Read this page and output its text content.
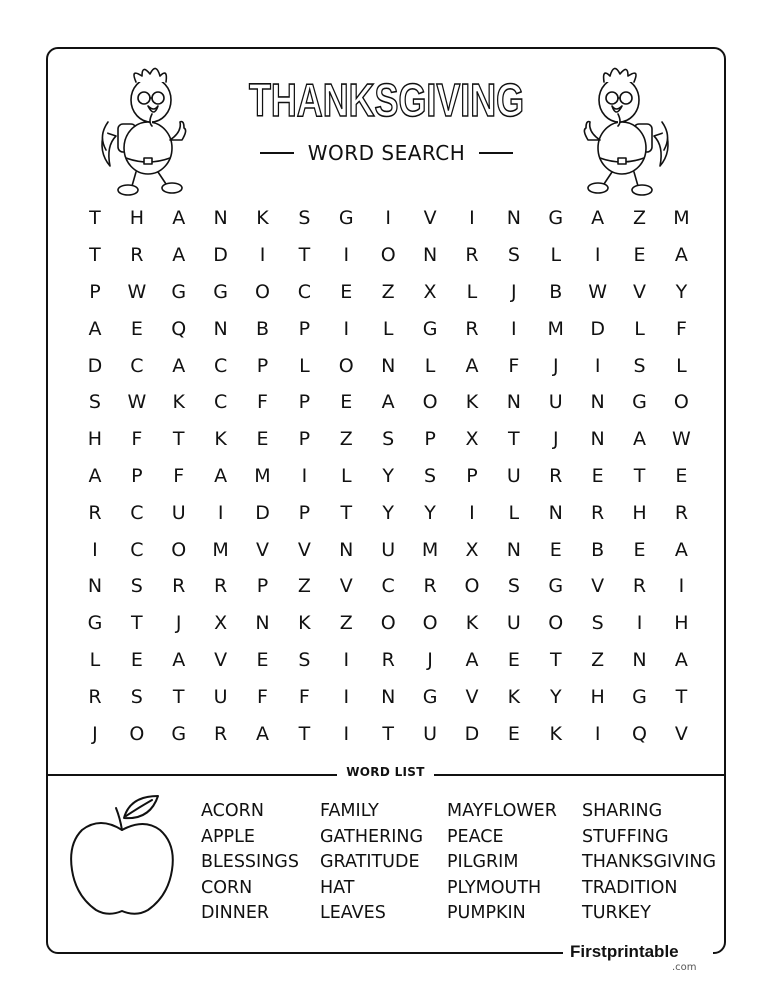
THANKSGIVING
WORD SEARCH
T	H	A	N	K	S	G	I	V	I	N	G	A	Z	M
T	R	A	D	I	T	I	O	N	R	S	L	I	E	A
P	W	G	G	O	C	E	Z	X	L	J	B	W	V	Y
A	E	Q	N	B	P	I	L	G	R	I	M	D	L	F
D	C	A	C	P	L	O	N	L	A	F	J	I	S	L
S	W	K	C	F	P	E	A	O	K	N	U	N	G	O
H	F	T	K	E	P	Z	S	P	X	T	J	N	A	W
A	P	F	A	M	I	L	Y	S	P	U	R	E	T	E
R	C	U	I	D	P	T	Y	Y	I	L	N	R	H	R
I	C	O	M	V	V	N	U	M	X	N	E	B	E	A
N	S	R	R	P	Z	V	C	R	O	S	G	V	R	I
G	T	J	X	N	K	Z	O	O	K	U	O	S	I	H
L	E	A	V	E	S	I	R	J	A	E	T	Z	N	A
R	S	T	U	F	F	I	N	G	V	K	Y	H	G	T
J	O	G	R	A	T	I	T	U	D	E	K	I	Q	V
WORD LIST
ACORN
APPLE
BLESSINGS
CORN
DINNER
FAMILY
GATHERING
GRATITUDE
HAT
LEAVES
MAYFLOWER
PEACE
PILGRIM
PLYMOUTH
PUMPKIN
SHARING
STUFFING
THANKSGIVING
TRADITION
TURKEY
Firstprintable
.com
